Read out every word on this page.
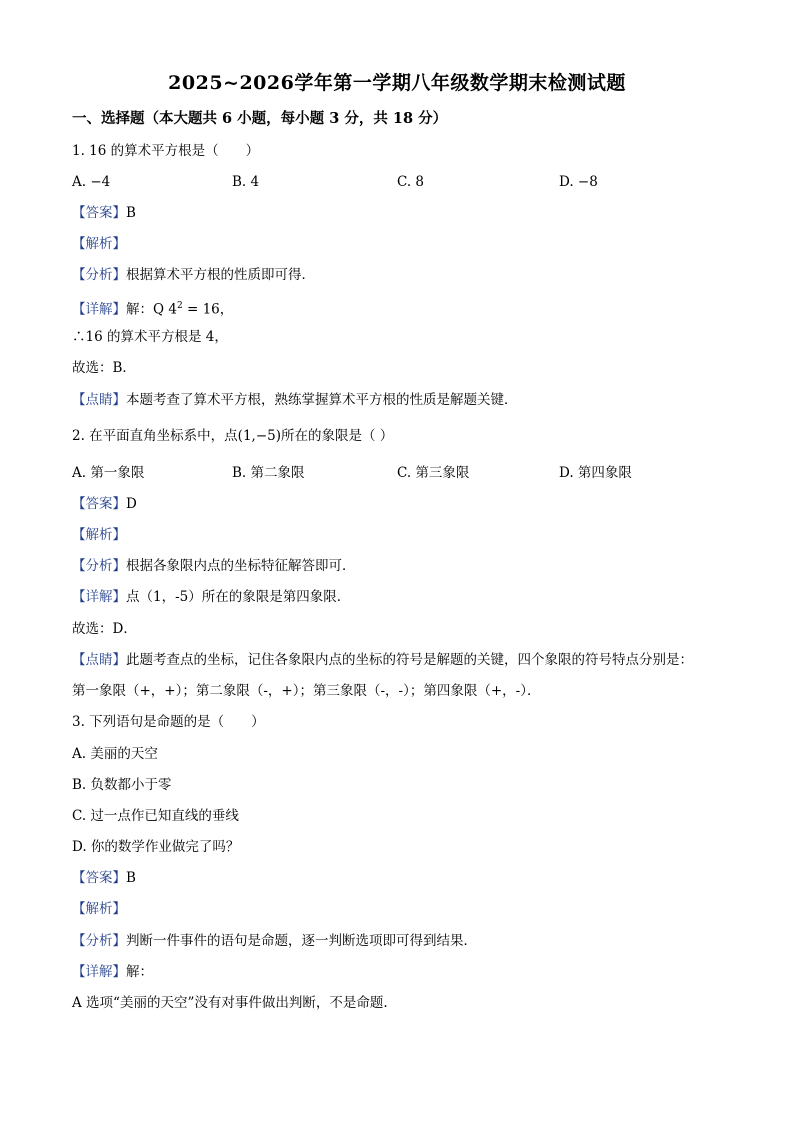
2025~2026学年第一学期八年级数学期末检测试题
一、选择题（本大题共 6 小题，每小题 3 分，共 18 分）
1. 16 的算术平方根是（　　）
A. −4	B. 4	C. 8	D. −8
【答案】B
【解析】
【分析】根据算术平方根的性质即可得．
【详解】解：Q $4^2 = 16$，
∴16 的算术平方根是 4，
故选：B．
【点睛】本题考查了算术平方根，熟练掌握算术平方根的性质是解题关键．
2. 在平面直角坐标系中，点(1,−5)所在的象限是（ ）
A. 第一象限	B. 第二象限	C. 第三象限	D. 第四象限
【答案】D
【解析】
【分析】根据各象限内点的坐标特征解答即可．
【详解】点（1，-5）所在的象限是第四象限．
故选：D．
【点睛】此题考查点的坐标，记住各象限内点的坐标的符号是解题的关键，四个象限的符号特点分别是：
第一象限（+，+）；第二象限（-，+）；第三象限（-，-）；第四象限（+，-）．
3. 下列语句是命题的是（　　）
A. 美丽的天空
B. 负数都小于零
C. 过一点作已知直线的垂线
D. 你的数学作业做完了吗？
【答案】B
【解析】
【分析】判断一件事件的语句是命题，逐一判断选项即可得到结果．
【详解】解：
A 选项“美丽的天空”没有对事件做出判断，不是命题.
